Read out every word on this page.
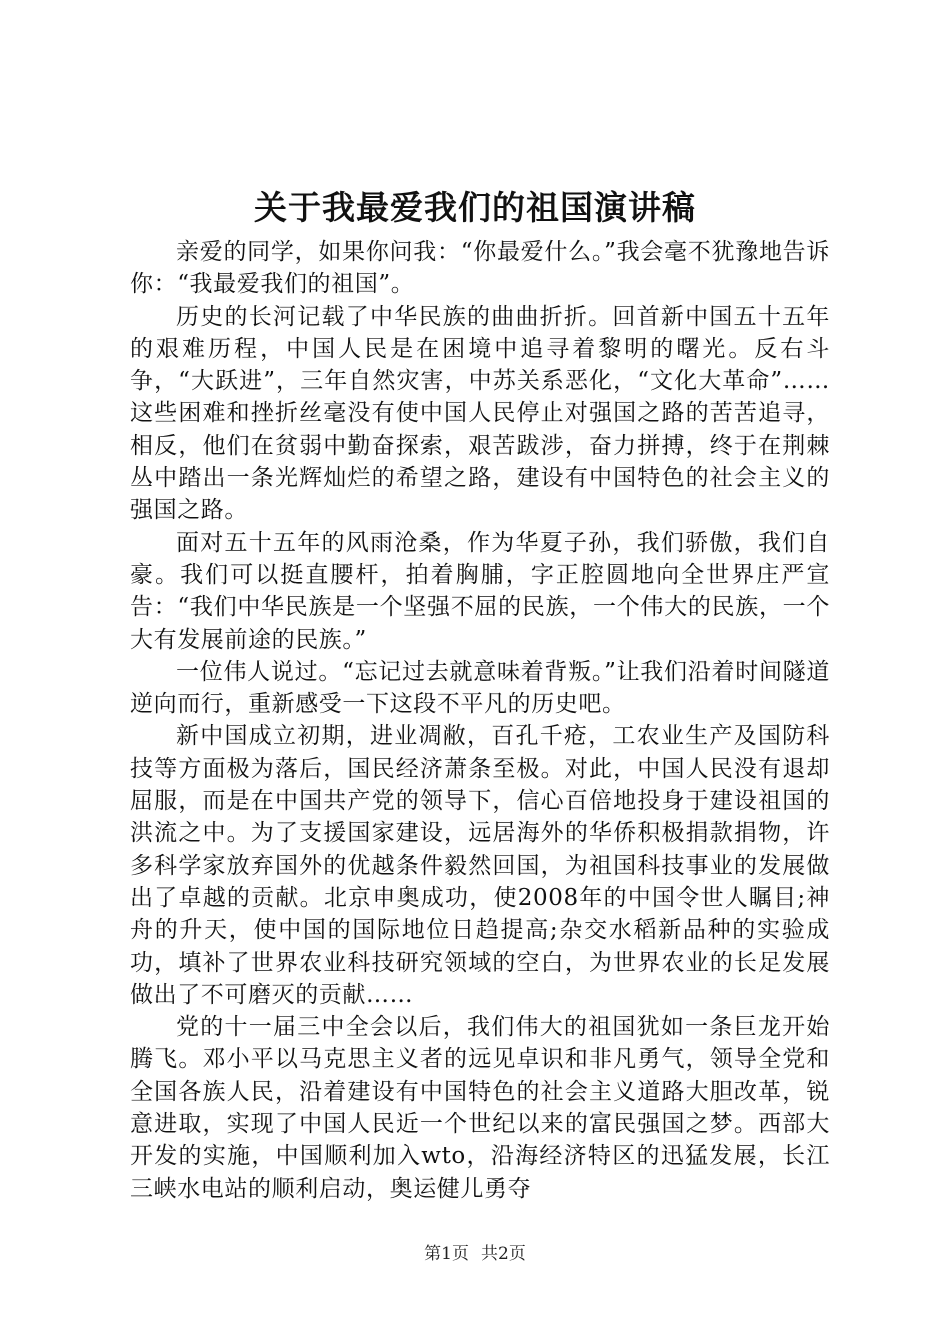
关于我最爱我们的祖国演讲稿

亲爱的同学，如果你问我：“你最爱什么。”我会毫不犹豫地告诉你：“我最爱我们的祖国”。

历史的长河记载了中华民族的曲曲折折。回首新中国五十五年的艰难历程，中国人民是在困境中追寻着黎明的曙光。反右斗争，“大跃进”，三年自然灾害，中苏关系恶化，“文化大革命”……这些困难和挫折丝毫没有使中国人民停止对强国之路的苦苦追寻，相反，他们在贫弱中勤奋探索，艰苦跋涉，奋力拼搏，终于在荆棘丛中踏出一条光辉灿烂的希望之路，建设有中国特色的社会主义的强国之路。

面对五十五年的风雨沧桑，作为华夏子孙，我们骄傲，我们自豪。我们可以挺直腰杆，拍着胸脯，字正腔圆地向全世界庄严宣告：“我们中华民族是一个坚强不屈的民族，一个伟大的民族，一个大有发展前途的民族。”

一位伟人说过。“忘记过去就意味着背叛。”让我们沿着时间隧道逆向而行，重新感受一下这段不平凡的历史吧。

新中国成立初期，进业凋敝，百孔千疮，工农业生产及国防科技等方面极为落后，国民经济萧条至极。对此，中国人民没有退却屈服，而是在中国共产党的领导下，信心百倍地投身于建设祖国的洪流之中。为了支援国家建设，远居海外的华侨积极捐款捐物，许多科学家放弃国外的优越条件毅然回国，为祖国科技事业的发展做出了卓越的贡献。北京申奥成功，使2008年的中国令世人瞩目;神舟的升天，使中国的国际地位日趋提高;杂交水稻新品种的实验成功，填补了世界农业科技研究领域的空白，为世界农业的长足发展做出了不可磨灭的贡献……

党的十一届三中全会以后，我们伟大的祖国犹如一条巨龙开始腾飞。邓小平以马克思主义者的远见卓识和非凡勇气，领导全党和全国各族人民，沿着建设有中国特色的社会主义道路大胆改革，锐意进取，实现了中国人民近一个世纪以来的富民强国之梦。西部大开发的实施，中国顺利加入wto，沿海经济特区的迅猛发展，长江三峡水电站的顺利启动，奥运健儿勇夺

第1页 共2页
